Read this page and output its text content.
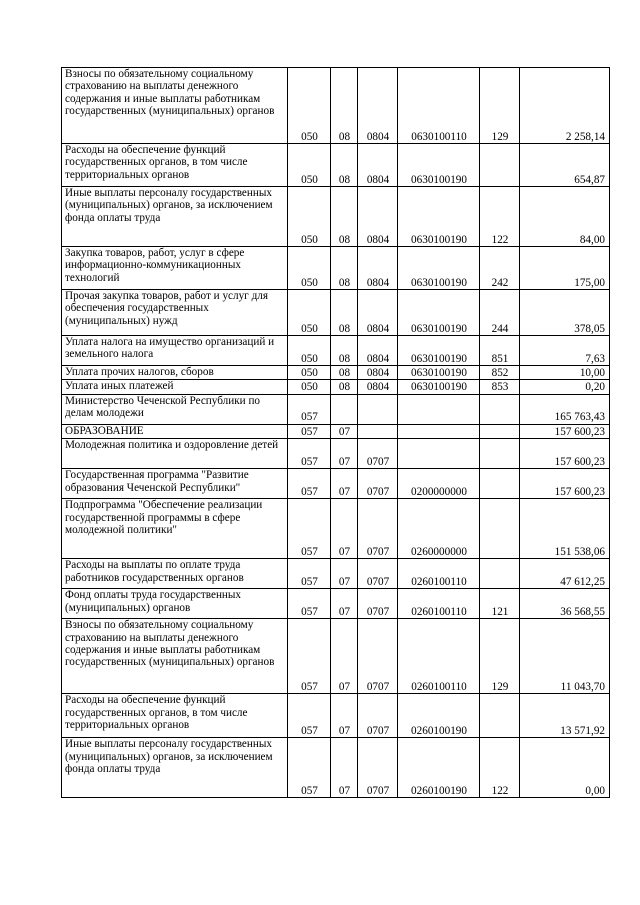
Взносы по обязательному социальному страхованию на выплаты денежного содержания и иные выплаты работникам государственных (муниципальных) органов	050	08	0804	0630100110	129	2 258,14
Расходы на обеспечение функций государственных органов, в том числе территориальных органов	050	08	0804	0630100190		654,87
Иные выплаты персоналу государственных (муниципальных) органов, за исключением фонда оплаты труда	050	08	0804	0630100190	122	84,00
Закупка товаров, работ, услуг в сфере информационно-коммуникационных технологий	050	08	0804	0630100190	242	175,00
Прочая закупка товаров, работ и услуг для обеспечения государственных (муниципальных) нужд	050	08	0804	0630100190	244	378,05
Уплата налога на имущество организаций и земельного налога	050	08	0804	0630100190	851	7,63
Уплата прочих налогов, сборов	050	08	0804	0630100190	852	10,00
Уплата иных платежей	050	08	0804	0630100190	853	0,20
Министерство Чеченской Республики по делам молодежи	057					165 763,43
ОБРАЗОВАНИЕ	057	07				157 600,23
Молодежная политика и оздоровление детей	057	07	0707			157 600,23
Государственная программа "Развитие образования Чеченской Республики"	057	07	0707	0200000000		157 600,23
Подпрограмма "Обеспечение реализации государственной программы в сфере молодежной политики"	057	07	0707	0260000000		151 538,06
Расходы на выплаты по оплате труда работников государственных органов	057	07	0707	0260100110		47 612,25
Фонд оплаты труда государственных (муниципальных) органов	057	07	0707	0260100110	121	36 568,55
Взносы по обязательному социальному страхованию на выплаты денежного содержания и иные выплаты работникам государственных (муниципальных) органов	057	07	0707	0260100110	129	11 043,70
Расходы на обеспечение функций государственных органов, в том числе территориальных органов	057	07	0707	0260100190		13 571,92
Иные выплаты персоналу государственных (муниципальных) органов, за исключением фонда оплаты труда	057	07	0707	0260100190	122	0,00
